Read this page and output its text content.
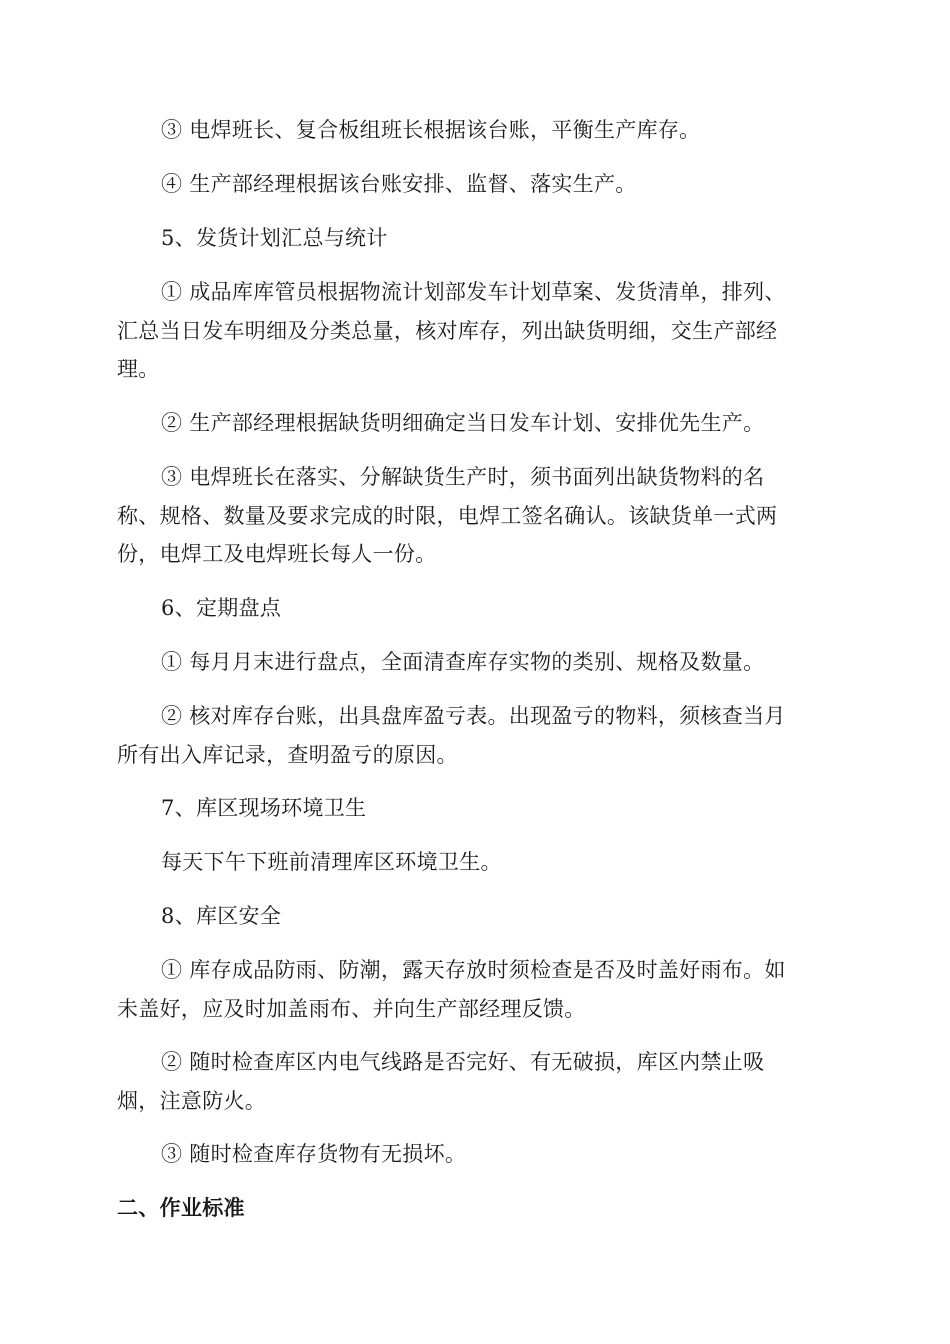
③ 电焊班长、复合板组班长根据该台账，平衡生产库存。
④ 生产部经理根据该台账安排、监督、落实生产。
5、发货计划汇总与统计
① 成品库库管员根据物流计划部发车计划草案、发货清单，排列、
汇总当日发车明细及分类总量，核对库存，列出缺货明细，交生产部经
理。
② 生产部经理根据缺货明细确定当日发车计划、安排优先生产。
③ 电焊班长在落实、分解缺货生产时，须书面列出缺货物料的名
称、规格、数量及要求完成的时限，电焊工签名确认。该缺货单一式两
份，电焊工及电焊班长每人一份。
6、定期盘点
① 每月月末进行盘点，全面清查库存实物的类别、规格及数量。
② 核对库存台账，出具盘库盈亏表。出现盈亏的物料，须核查当月
所有出入库记录，查明盈亏的原因。
7、库区现场环境卫生
每天下午下班前清理库区环境卫生。
8、库区安全
① 库存成品防雨、防潮，露天存放时须检查是否及时盖好雨布。如
未盖好，应及时加盖雨布、并向生产部经理反馈。
② 随时检查库区内电气线路是否完好、有无破损，库区内禁止吸
烟，注意防火。
③ 随时检查库存货物有无损坏。
二、作业标准
